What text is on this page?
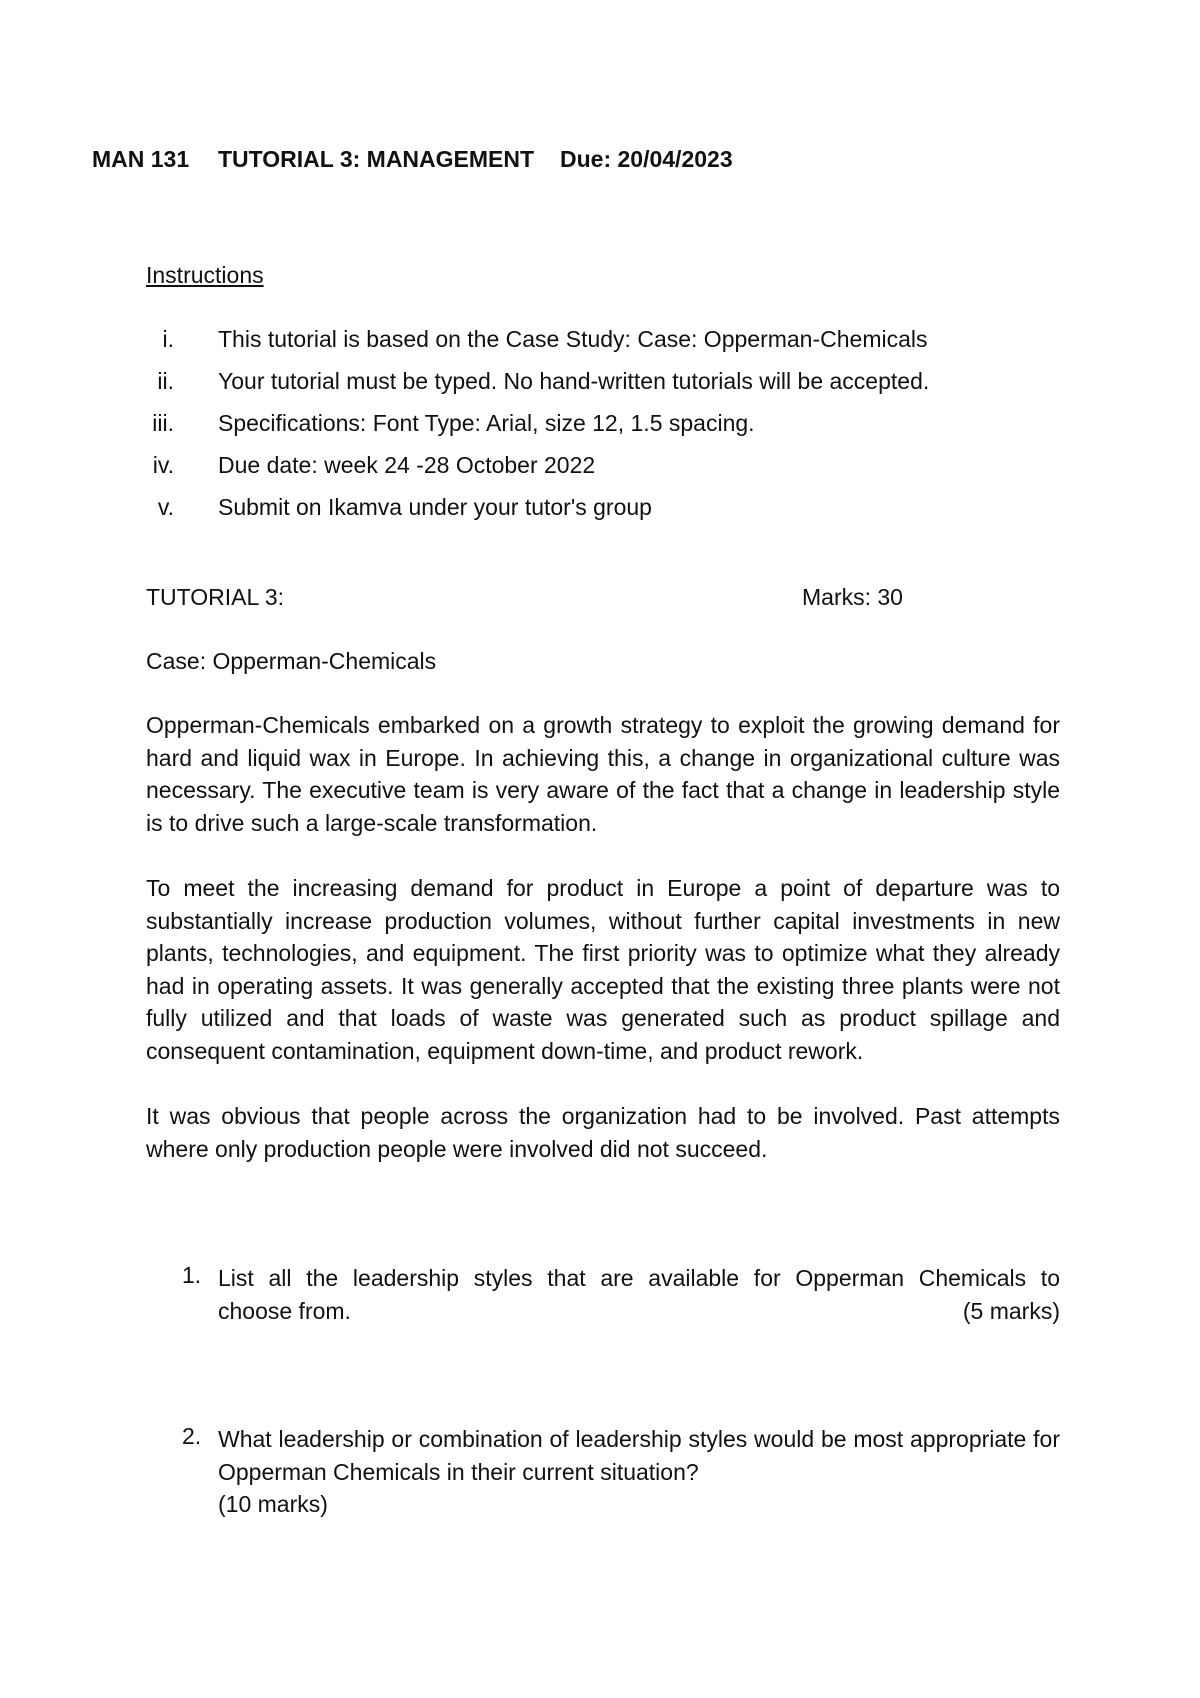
MAN 131 TUTORIAL 3: MANAGEMENT Due: 20/04/2023
Instructions
i. This tutorial is based on the Case Study: Case: Opperman-Chemicals
ii. Your tutorial must be typed. No hand-written tutorials will be accepted.
iii. Specifications: Font Type: Arial, size 12, 1.5 spacing.
iv. Due date: week 24 -28 October 2022
v. Submit on Ikamva under your tutor's group
TUTORIAL 3:	Marks: 30
Case: Opperman-Chemicals
Opperman-Chemicals embarked on a growth strategy to exploit the growing demand for hard and liquid wax in Europe. In achieving this, a change in organizational culture was necessary. The executive team is very aware of the fact that a change in leadership style is to drive such a large-scale transformation.
To meet the increasing demand for product in Europe a point of departure was to substantially increase production volumes, without further capital investments in new plants, technologies, and equipment. The first priority was to optimize what they already had in operating assets. It was generally accepted that the existing three plants were not fully utilized and that loads of waste was generated such as product spillage and consequent contamination, equipment down-time, and product rework.
It was obvious that people across the organization had to be involved. Past attempts where only production people were involved did not succeed.
1. List all the leadership styles that are available for Opperman Chemicals to
choose from.	(5 marks)
2. What leadership or combination of leadership styles would be most appropriate for Opperman Chemicals in their current situation?
(10 marks)
